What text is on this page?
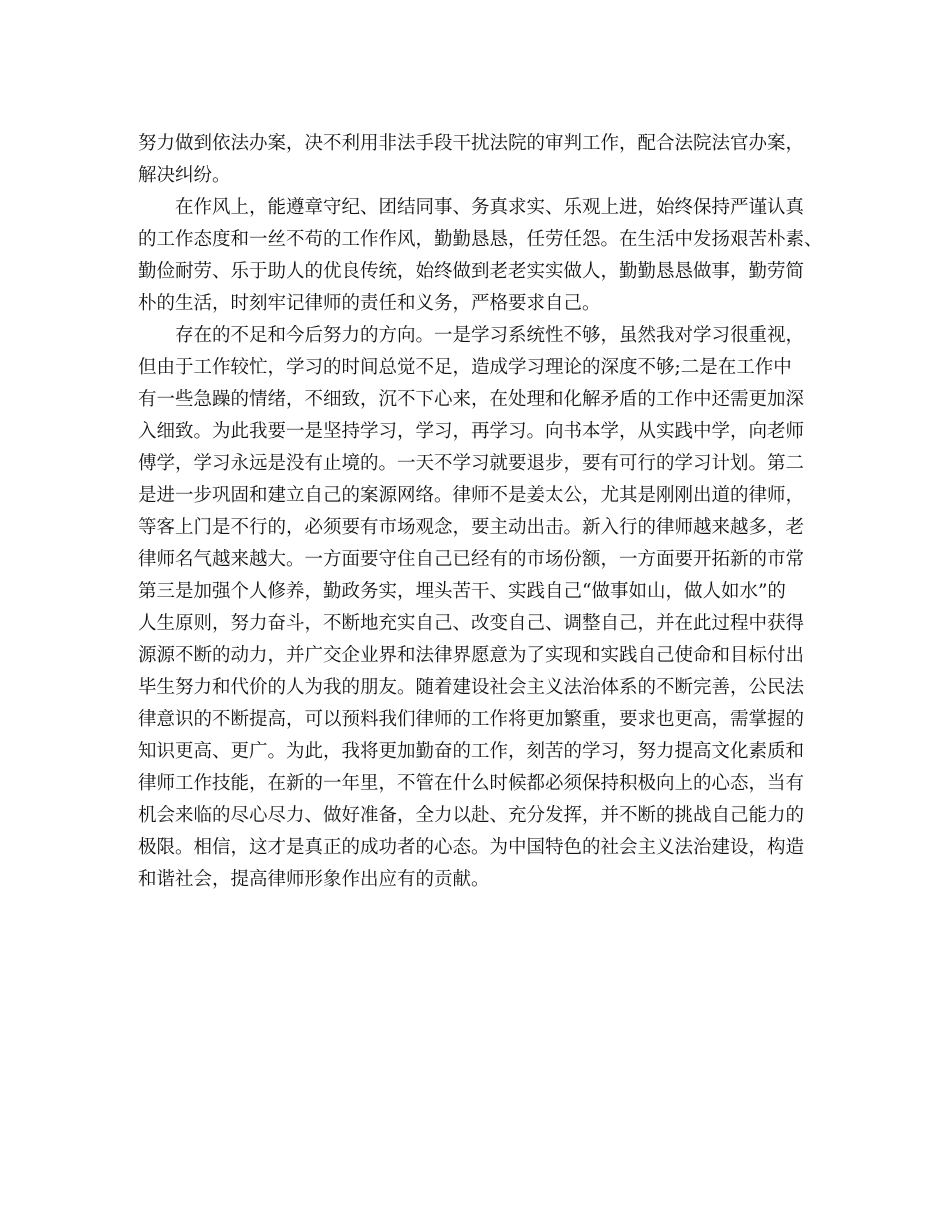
努力做到依法办案，决不利用非法手段干扰法院的审判工作，配合法院法官办案，
解决纠纷。
在作风上，能遵章守纪、团结同事、务真求实、乐观上进，始终保持严谨认真
的工作态度和一丝不苟的工作作风，勤勤恳恳，任劳任怨。在生活中发扬艰苦朴素、
勤俭耐劳、乐于助人的优良传统，始终做到老老实实做人，勤勤恳恳做事，勤劳简
朴的生活，时刻牢记律师的责任和义务，严格要求自己。
存在的不足和今后努力的方向。一是学习系统性不够，虽然我对学习很重视，
但由于工作较忙，学习的时间总觉不足，造成学习理论的深度不够;二是在工作中
有一些急躁的情绪，不细致，沉不下心来，在处理和化解矛盾的工作中还需更加深
入细致。为此我要一是坚持学习，学习，再学习。向书本学，从实践中学，向老师
傅学，学习永远是没有止境的。一天不学习就要退步，要有可行的学习计划。第二
是进一步巩固和建立自己的案源网络。律师不是姜太公，尤其是刚刚出道的律师，
等客上门是不行的，必须要有市场观念，要主动出击。新入行的律师越来越多，老
律师名气越来越大。一方面要守住自己已经有的市场份额，一方面要开拓新的市常
第三是加强个人修养，勤政务实，埋头苦干、实践自己“做事如山，做人如水”的
人生原则，努力奋斗，不断地充实自己、改变自己、调整自己，并在此过程中获得
源源不断的动力，并广交企业界和法律界愿意为了实现和实践自己使命和目标付出
毕生努力和代价的人为我的朋友。随着建设社会主义法治体系的不断完善，公民法
律意识的不断提高，可以预料我们律师的工作将更加繁重，要求也更高，需掌握的
知识更高、更广。为此，我将更加勤奋的工作，刻苦的学习，努力提高文化素质和
律师工作技能，在新的一年里，不管在什么时候都必须保持积极向上的心态，当有
机会来临的尽心尽力、做好准备，全力以赴、充分发挥，并不断的挑战自己能力的
极限。相信，这才是真正的成功者的心态。为中国特色的社会主义法治建设，构造
和谐社会，提高律师形象作出应有的贡献。
